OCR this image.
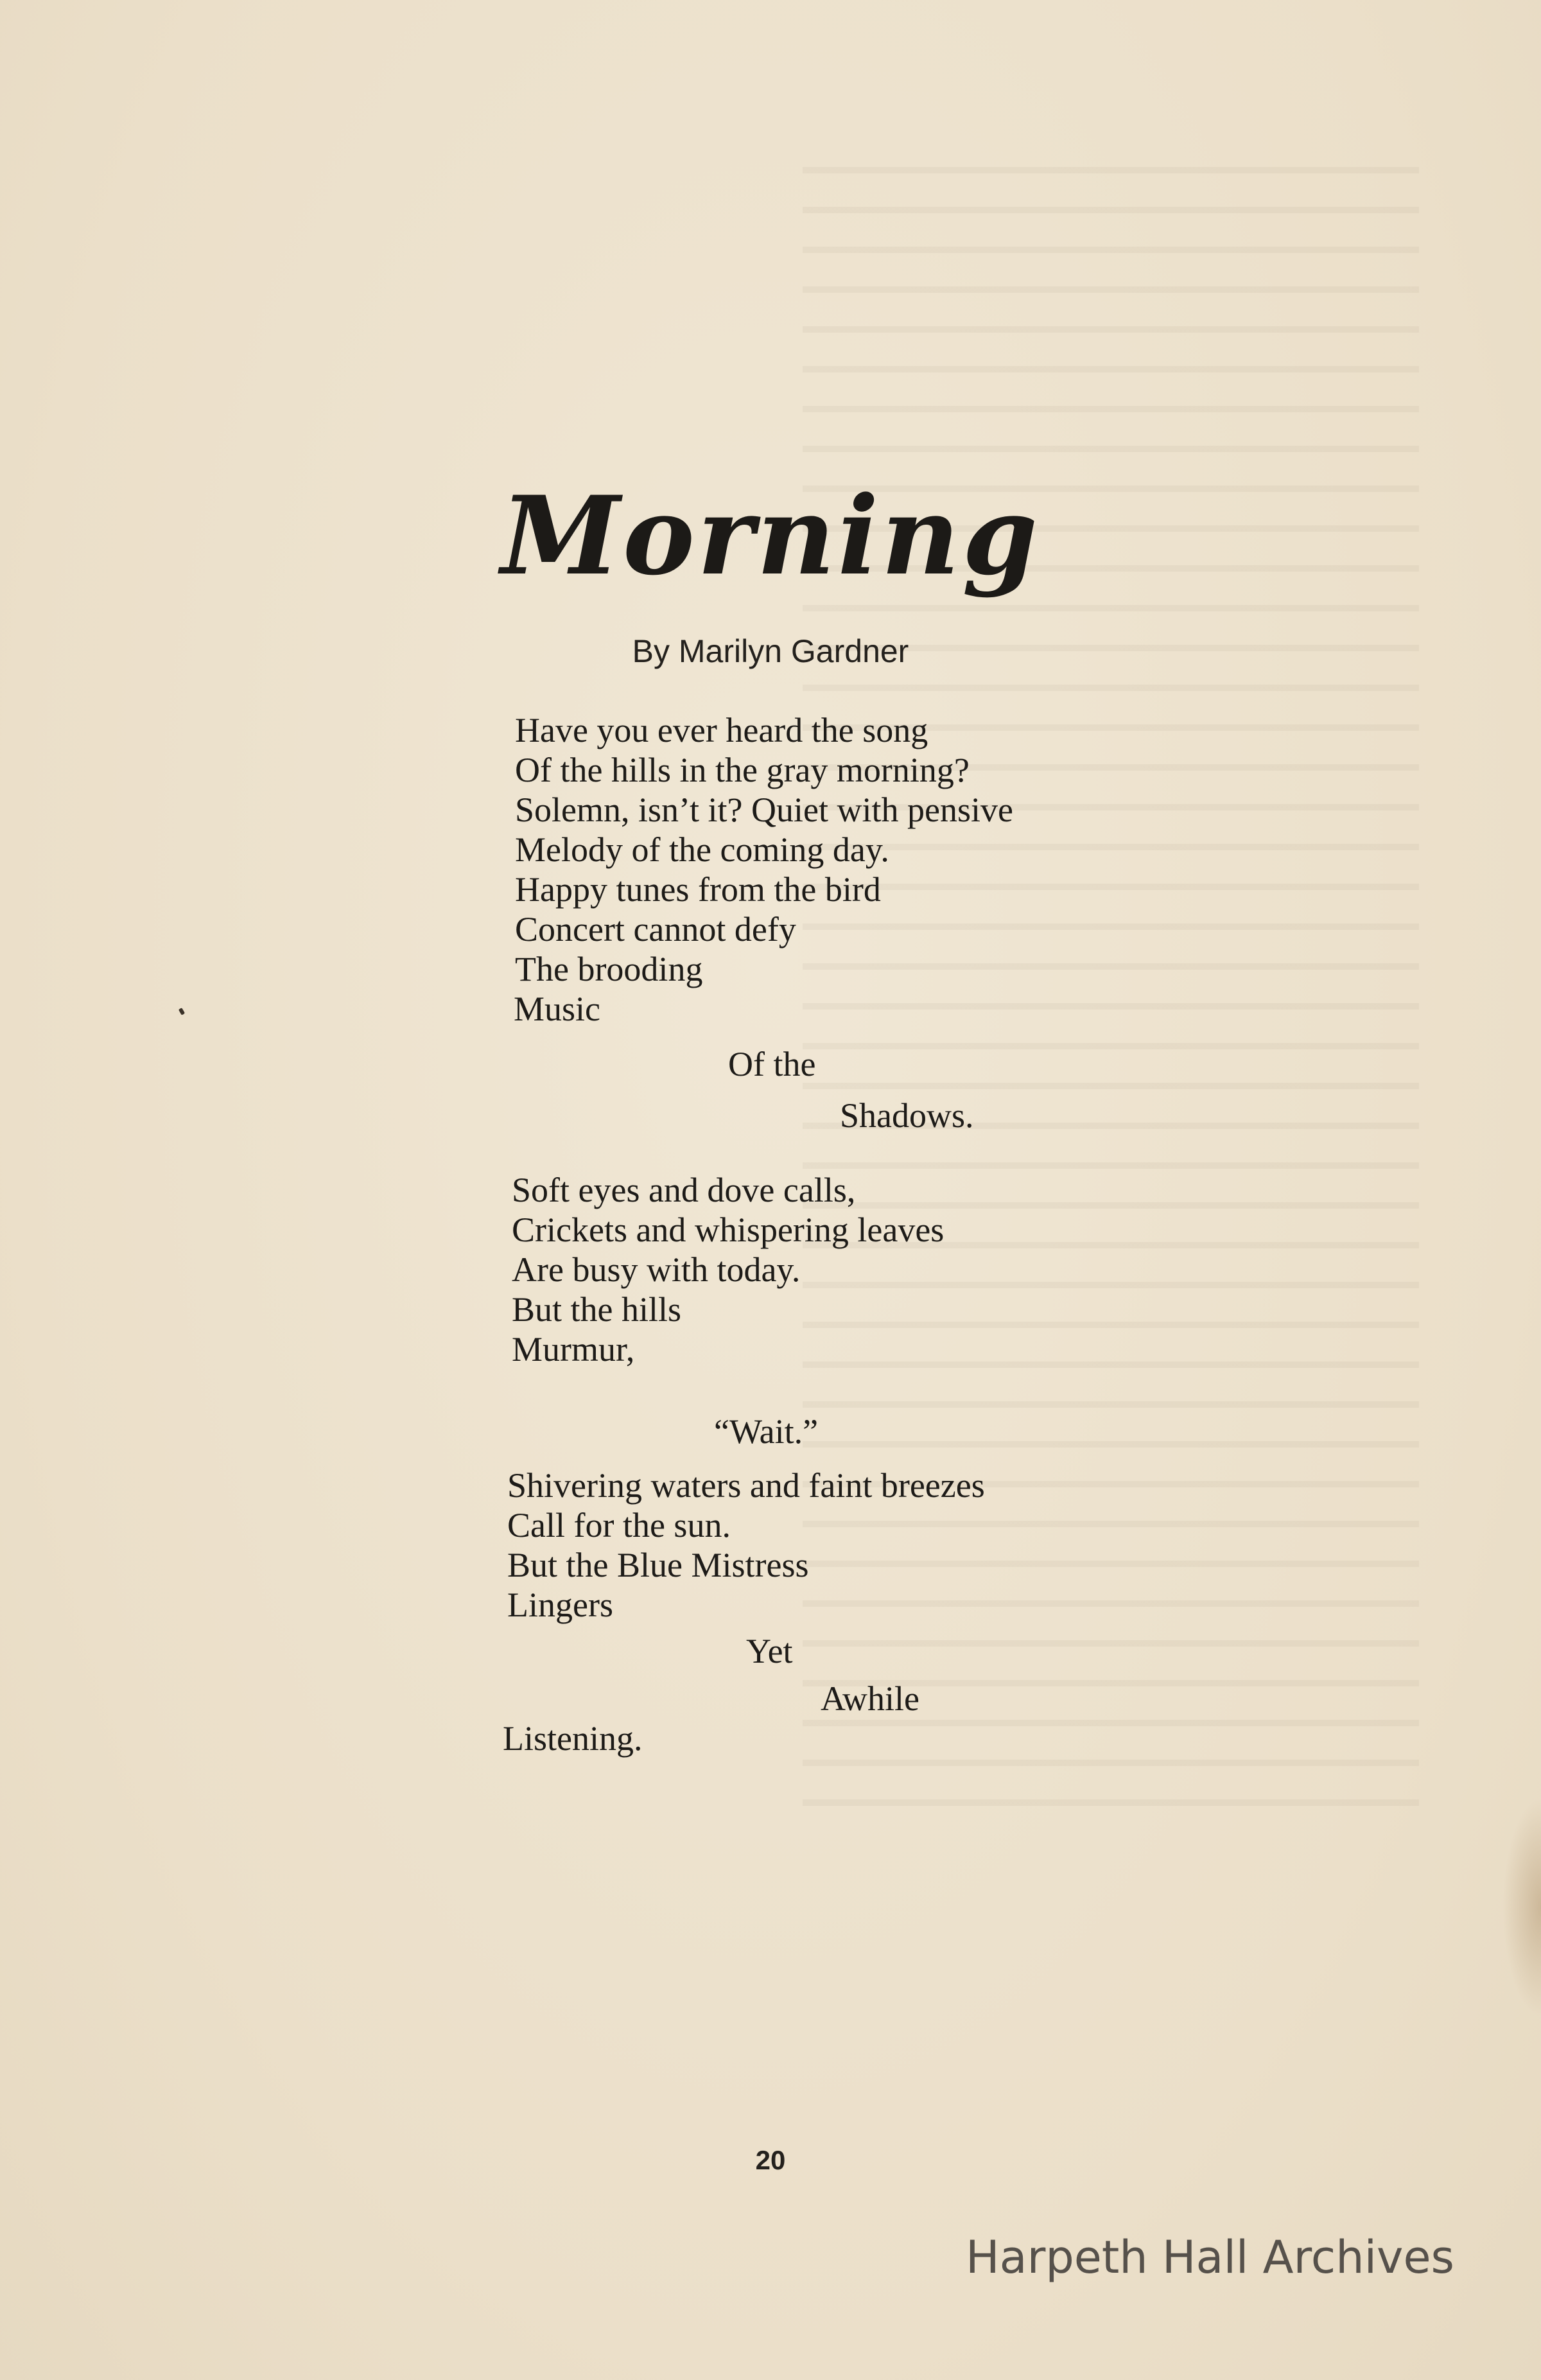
Morning
By Marilyn Gardner
Have you ever heard the song
Of the hills in the gray morning?
Solemn, isn’t it? Quiet with pensive
Melody of the coming day.
Happy tunes from the bird
Concert cannot defy
The brooding
Music
Of the
Shadows.
Soft eyes and dove calls,
Crickets and whispering leaves
Are busy with today.
But the hills
Murmur,
“Wait.”
Shivering waters and faint breezes
Call for the sun.
But the Blue Mistress
Lingers
Yet
Awhile
Listening.
20
Harpeth Hall Archives
